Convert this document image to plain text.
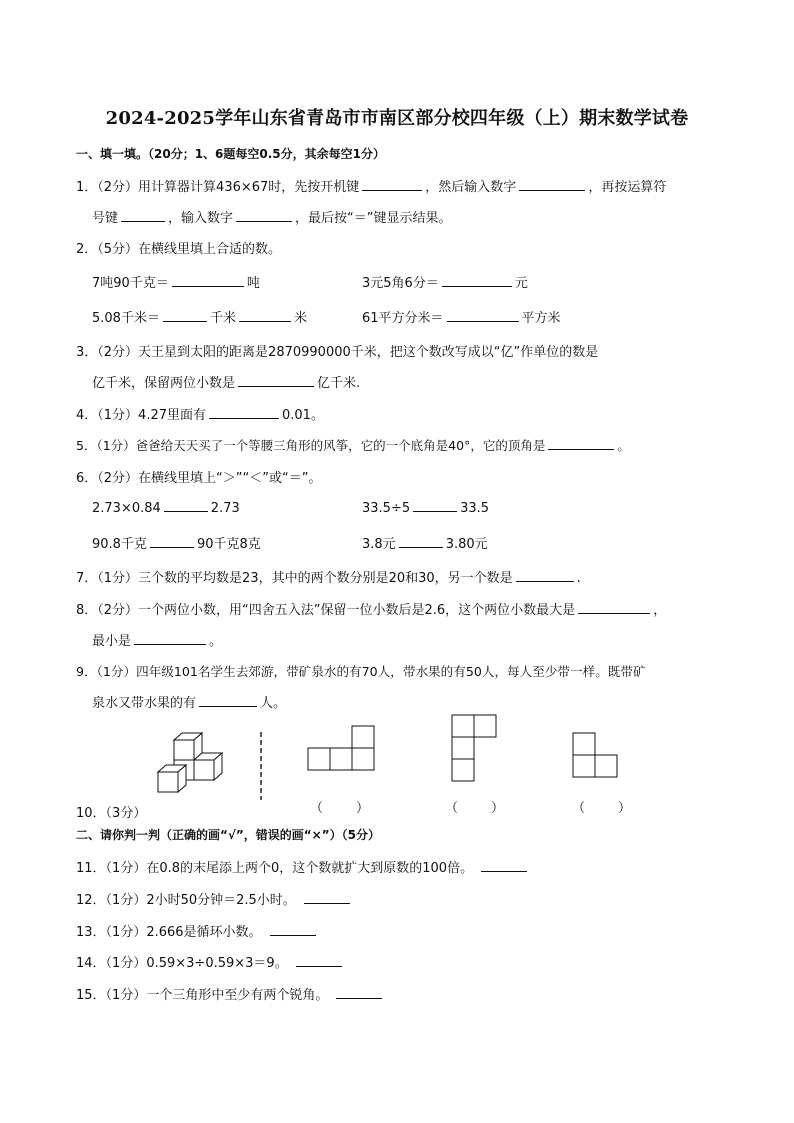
2024-2025学年山东省青岛市市南区部分校四年级（上）期末数学试卷
一、填一填。（20分；1、6题每空0.5分，其余每空1分）
1．（2分）用计算器计算436×67时，先按开机键	，然后输入数字	，再按运算符
号键	，输入数字	，最后按“＝”键显示结果。
2．（5分）在横线里填上合适的数。
7吨90千克＝	吨	3元5角6分＝	元
5.08千米＝	千米	米	61平方分米＝	平方米
3．（2分）天王星到太阳的距离是2870990000千米，把这个数改写成以“亿”作单位的数是
亿千米，保留两位小数是	亿千米.
4．（1分）4.27里面有	0.01。
5．（1分）爸爸给天天买了一个等腰三角形的风筝，它的一个底角是40°，它的顶角是	。
6．（2分）在横线里填上“＞”“＜”或“＝”。
2.73×0.84	2.73	33.5÷5	33.5
90.8千克	90千克8克	3.8元	3.80元
7．（1分）三个数的平均数是23，其中的两个数分别是20和30，另一个数是	.
8．（2分）一个两位小数，用“四舍五入法”保留一位小数后是2.6，这个两位小数最大是	，
最小是	。
9．（1分）四年级101名学生去郊游，带矿泉水的有70人，带水果的有50人，每人至少带一样。既带矿
泉水又带水果的有	人。
（        ）	（        ）	（        ）
10．（3分）
二、请你判一判（正确的画“√”，错误的画“×”）（5分）
11．（1分）在0.8的末尾添上两个0，这个数就扩大到原数的100倍。
12．（1分）2小时50分钟＝2.5小时。
13．（1分）2.666是循环小数。
14．（1分）0.59×3÷0.59×3＝9。
15．（1分）一个三角形中至少有两个锐角。
